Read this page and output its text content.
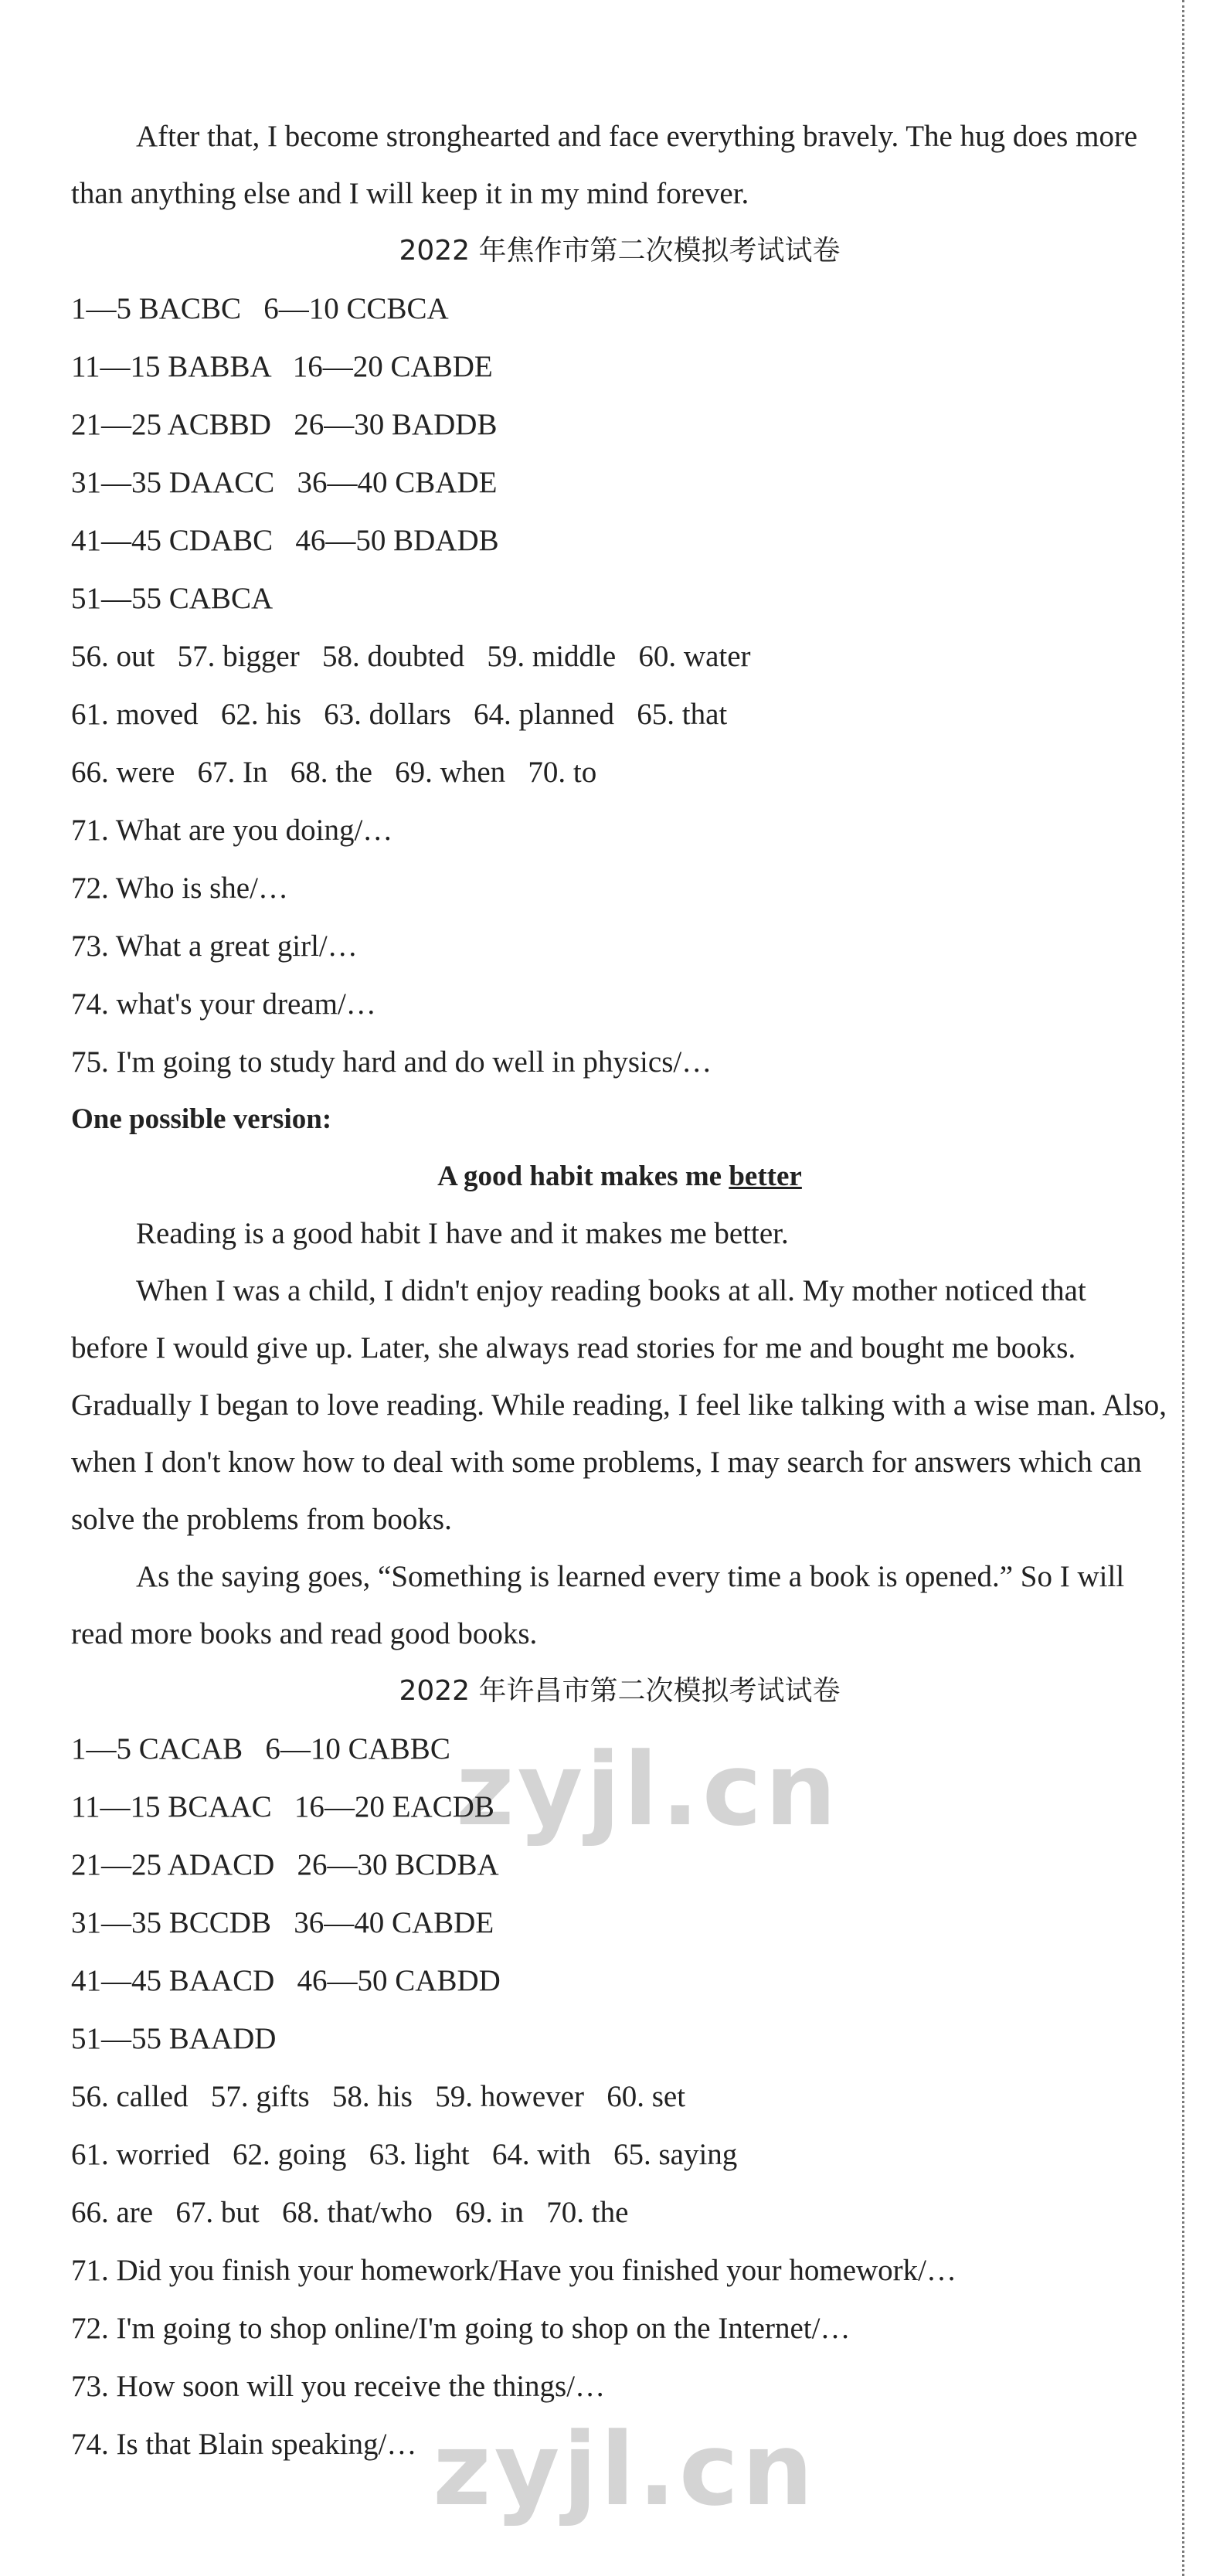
zyjl.cn
zyjl.cn

After that, I become stronghearted and face everything bravely. The hug does more than anything else and I will keep it in my mind forever.

2022 年焦作市第二次模拟考试试卷

1—5 BACBC   6—10 CCBCA

11—15 BABBA   16—20 CABDE

21—25 ACBBD   26—30 BADDB

31—35 DAACC   36—40 CBADE

41—45 CDABC   46—50 BDADB

51—55 CABCA

56. out   57. bigger   58. doubted   59. middle   60. water

61. moved   62. his   63. dollars   64. planned   65. that

66. were   67. In   68. the   69. when   70. to

71. What are you doing/…

72. Who is she/…

73. What a great girl/…

74. what's your dream/…

75. I'm going to study hard and do well in physics/…

One possible version:

A good habit makes me better

Reading is a good habit I have and it makes me better.

When I was a child, I didn't enjoy reading books at all. My mother noticed that before I would give up. Later, she always read stories for me and bought me books. Gradually I began to love reading. While reading, I feel like talking with a wise man. Also, when I don't know how to deal with some problems, I may search for answers which can solve the problems from books.

As the saying goes, “Something is learned every time a book is opened.” So I will read more books and read good books.

2022 年许昌市第二次模拟考试试卷

1—5 CACAB   6—10 CABBC

11—15 BCAAC   16—20 EACDB

21—25 ADACD   26—30 BCDBA

31—35 BCCDB   36—40 CABDE

41—45 BAACD   46—50 CABDD

51—55 BAADD

56. called   57. gifts   58. his   59. however   60. set

61. worried   62. going   63. light   64. with   65. saying

66. are   67. but   68. that/who   69. in   70. the

71. Did you finish your homework/Have you finished your homework/…

72. I'm going to shop online/I'm going to shop on the Internet/…

73. How soon will you receive the things/…

74. Is that Blain speaking/…
